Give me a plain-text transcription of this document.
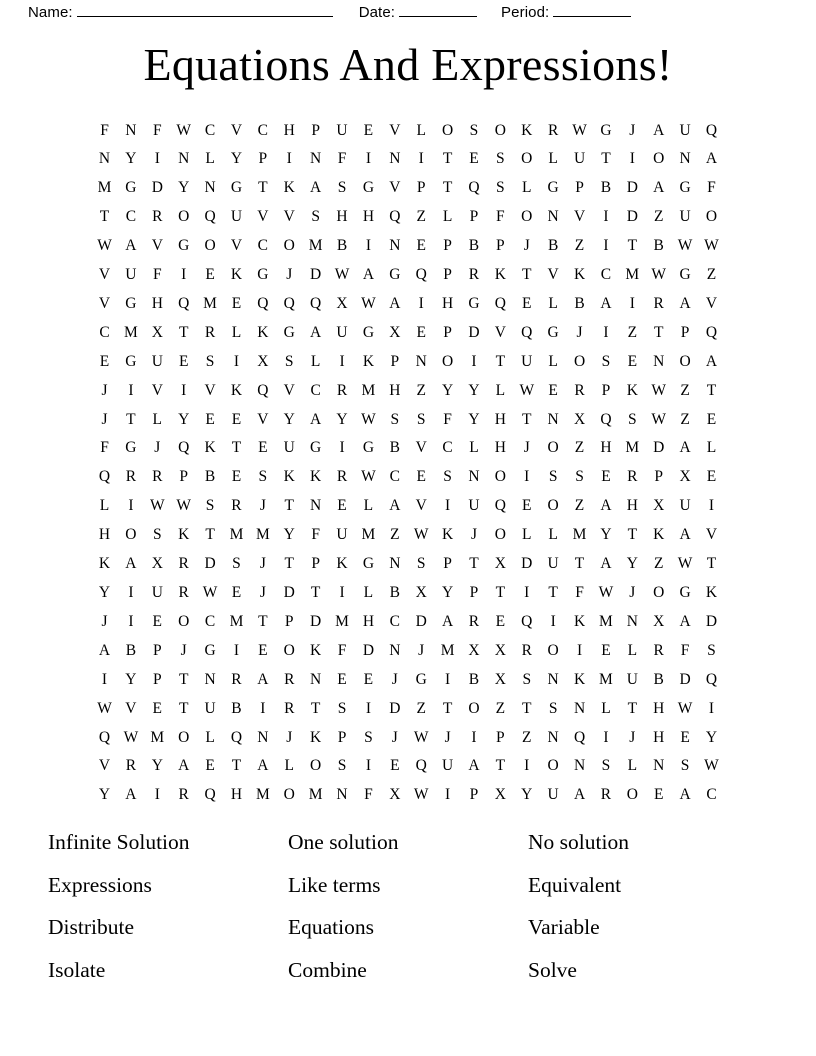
Name:	Date:	Period:
Equations And Expressions!
F	N	F	W	C	V	C	H	P	U	E	V	L	O	S	O	K	R	W	G	J	A	U	Q
N	Y	I	N	L	Y	P	I	N	F	I	N	I	T	E	S	O	L	U	T	I	O	N	A
M	G	D	Y	N	G	T	K	A	S	G	V	P	T	Q	S	L	G	P	B	D	A	G	F
T	C	R	O	Q	U	V	V	S	H	H	Q	Z	L	P	F	O	N	V	I	D	Z	U	O
W	A	V	G	O	V	C	O	M	B	I	N	E	P	B	P	J	B	Z	I	T	B	W	W
V	U	F	I	E	K	G	J	D	W	A	G	Q	P	R	K	T	V	K	C	M	W	G	Z
V	G	H	Q	M	E	Q	Q	Q	X	W	A	I	H	G	Q	E	L	B	A	I	R	A	V
C	M	X	T	R	L	K	G	A	U	G	X	E	P	D	V	Q	G	J	I	Z	T	P	Q
E	G	U	E	S	I	X	S	L	I	K	P	N	O	I	T	U	L	O	S	E	N	O	A
J	I	V	I	V	K	Q	V	C	R	M	H	Z	Y	Y	L	W	E	R	P	K	W	Z	T
J	T	L	Y	E	E	V	Y	A	Y	W	S	S	F	Y	H	T	N	X	Q	S	W	Z	E
F	G	J	Q	K	T	E	U	G	I	G	B	V	C	L	H	J	O	Z	H	M	D	A	L
Q	R	R	P	B	E	S	K	K	R	W	C	E	S	N	O	I	S	S	E	R	P	X	E
L	I	W	W	S	R	J	T	N	E	L	A	V	I	U	Q	E	O	Z	A	H	X	U	I
H	O	S	K	T	M	M	Y	F	U	M	Z	W	K	J	O	L	L	M	Y	T	K	A	V
K	A	X	R	D	S	J	T	P	K	G	N	S	P	T	X	D	U	T	A	Y	Z	W	T
Y	I	U	R	W	E	J	D	T	I	L	B	X	Y	P	T	I	T	F	W	J	O	G	K
J	I	E	O	C	M	T	P	D	M	H	C	D	A	R	E	Q	I	K	M	N	X	A	D
A	B	P	J	G	I	E	O	K	F	D	N	J	M	X	X	R	O	I	E	L	R	F	S
I	Y	P	T	N	R	A	R	N	E	E	J	G	I	B	X	S	N	K	M	U	B	D	Q
W	V	E	T	U	B	I	R	T	S	I	D	Z	T	O	Z	T	S	N	L	T	H	W	I
Q	W	M	O	L	Q	N	J	K	P	S	J	W	J	I	P	Z	N	Q	I	J	H	E	Y
V	R	Y	A	E	T	A	L	O	S	I	E	Q	U	A	T	I	O	N	S	L	N	S	W
Y	A	I	R	Q	H	M	O	M	N	F	X	W	I	P	X	Y	U	A	R	O	E	A	C
Infinite Solution	One solution	No solution
Expressions	Like terms	Equivalent
Distribute	Equations	Variable
Isolate	Combine	Solve
